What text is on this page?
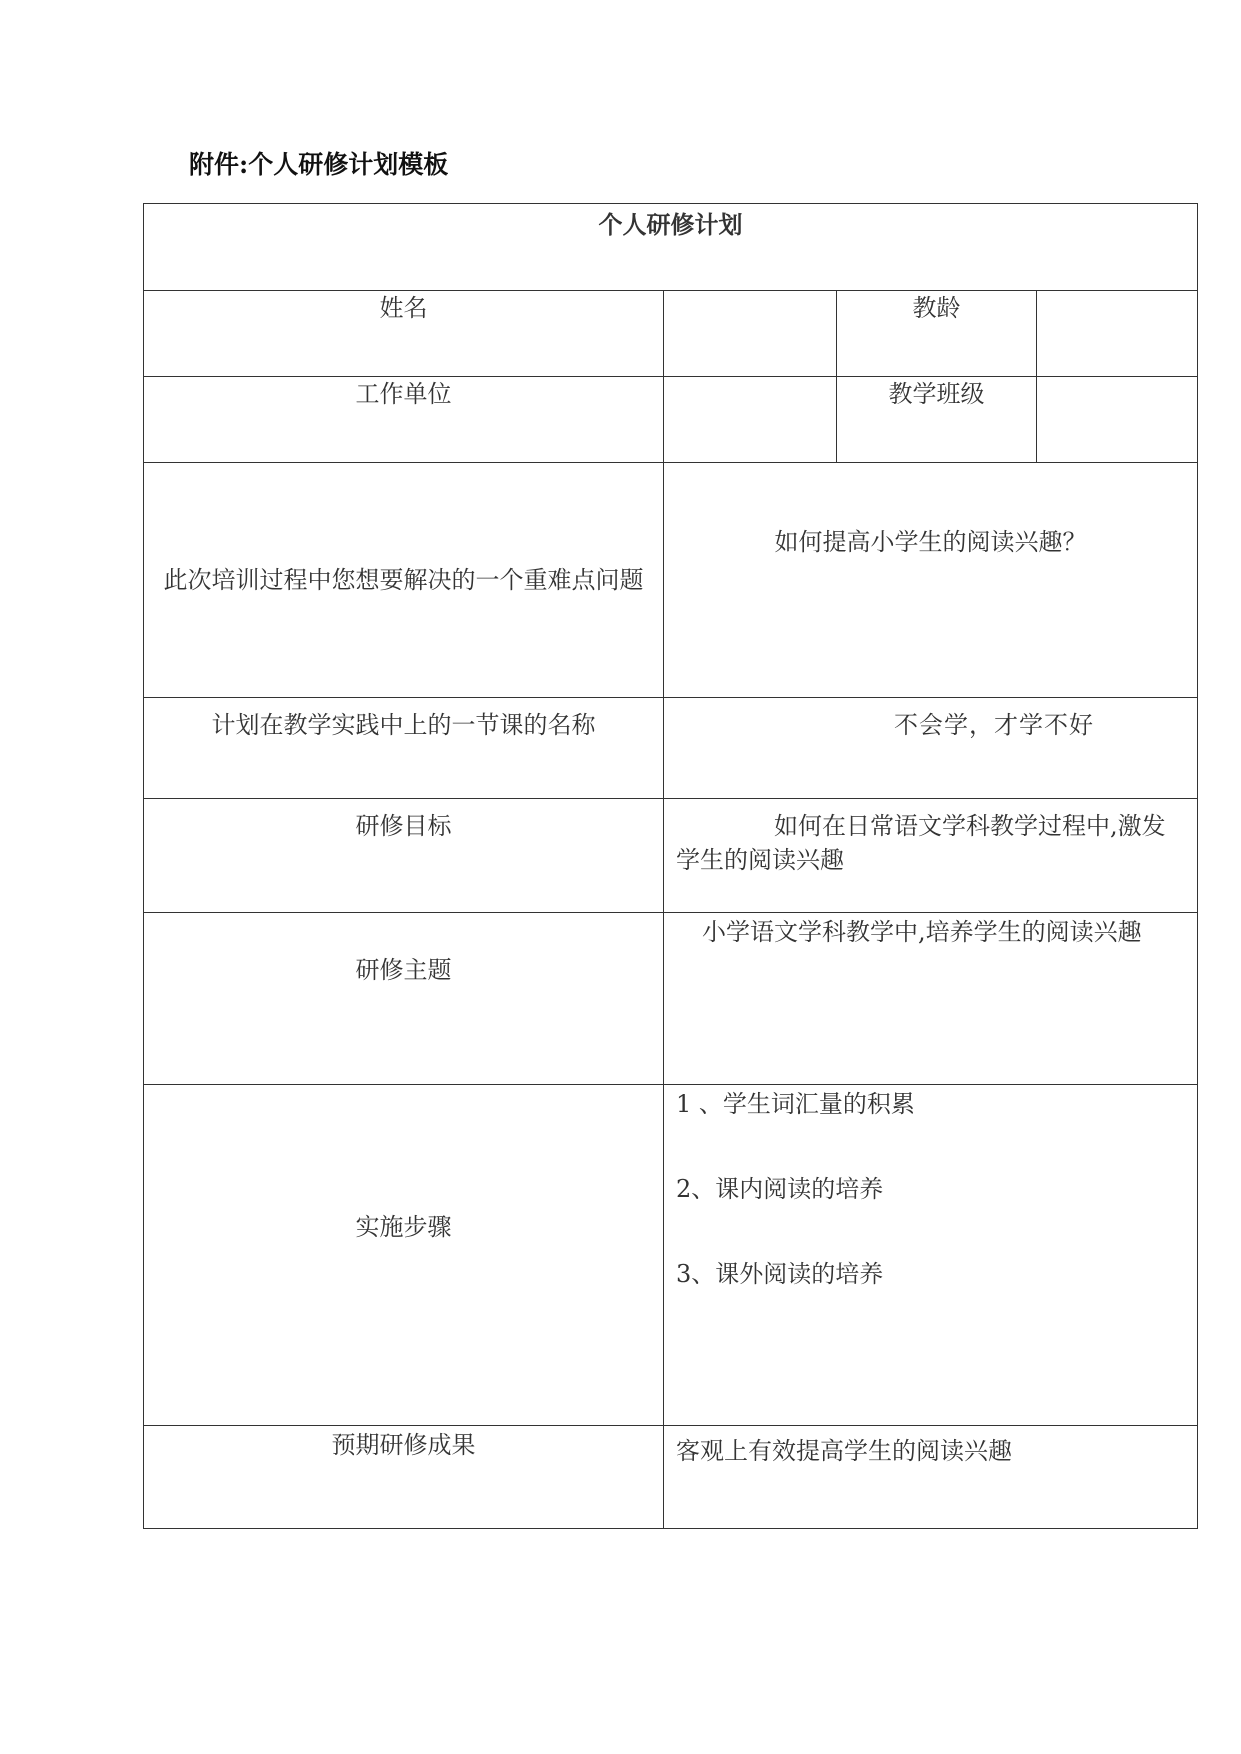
附件:个人研修计划模板
个人研修计划			
姓名		教龄	
工作单位		教学班级	
此次培训过程中您想要解决的一个重难点问题	如何提高小学生的阅读兴趣？		
计划在教学实践中上的一节课的名称	不会学，才学不好		
研修目标	如何在日常语文学科教学过程中,激发学生的阅读兴趣		
研修主题	小学语文学科教学中,培养学生的阅读兴趣		
实施步骤	1 、学生词汇量的积累
2、课内阅读的培养
3、课外阅读的培养		

预期研修成果	客观上有效提高学生的阅读兴趣		
